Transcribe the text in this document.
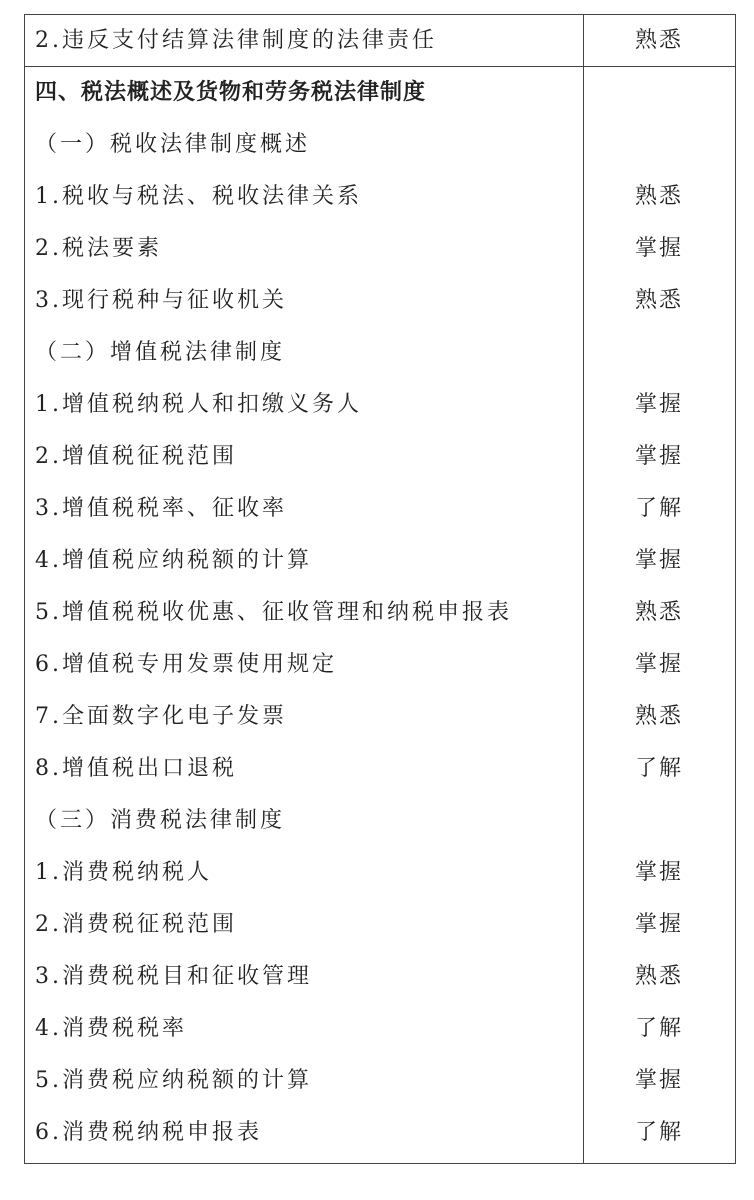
2.违反支付结算法律制度的法律责任	熟悉
四、税法概述及货物和劳务税法律制度
（一）税收法律制度概述
1.税收与税法、税收法律关系	熟悉
2.税法要素	掌握
3.现行税种与征收机关	熟悉
（二）增值税法律制度
1.增值税纳税人和扣缴义务人	掌握
2.增值税征税范围	掌握
3.增值税税率、征收率	了解
4.增值税应纳税额的计算	掌握
5.增值税税收优惠、征收管理和纳税申报表	熟悉
6.增值税专用发票使用规定	掌握
7.全面数字化电子发票	熟悉
8.增值税出口退税	了解
（三）消费税法律制度
1.消费税纳税人	掌握
2.消费税征税范围	掌握
3.消费税税目和征收管理	熟悉
4.消费税税率	了解
5.消费税应纳税额的计算	掌握
6.消费税纳税申报表	了解
